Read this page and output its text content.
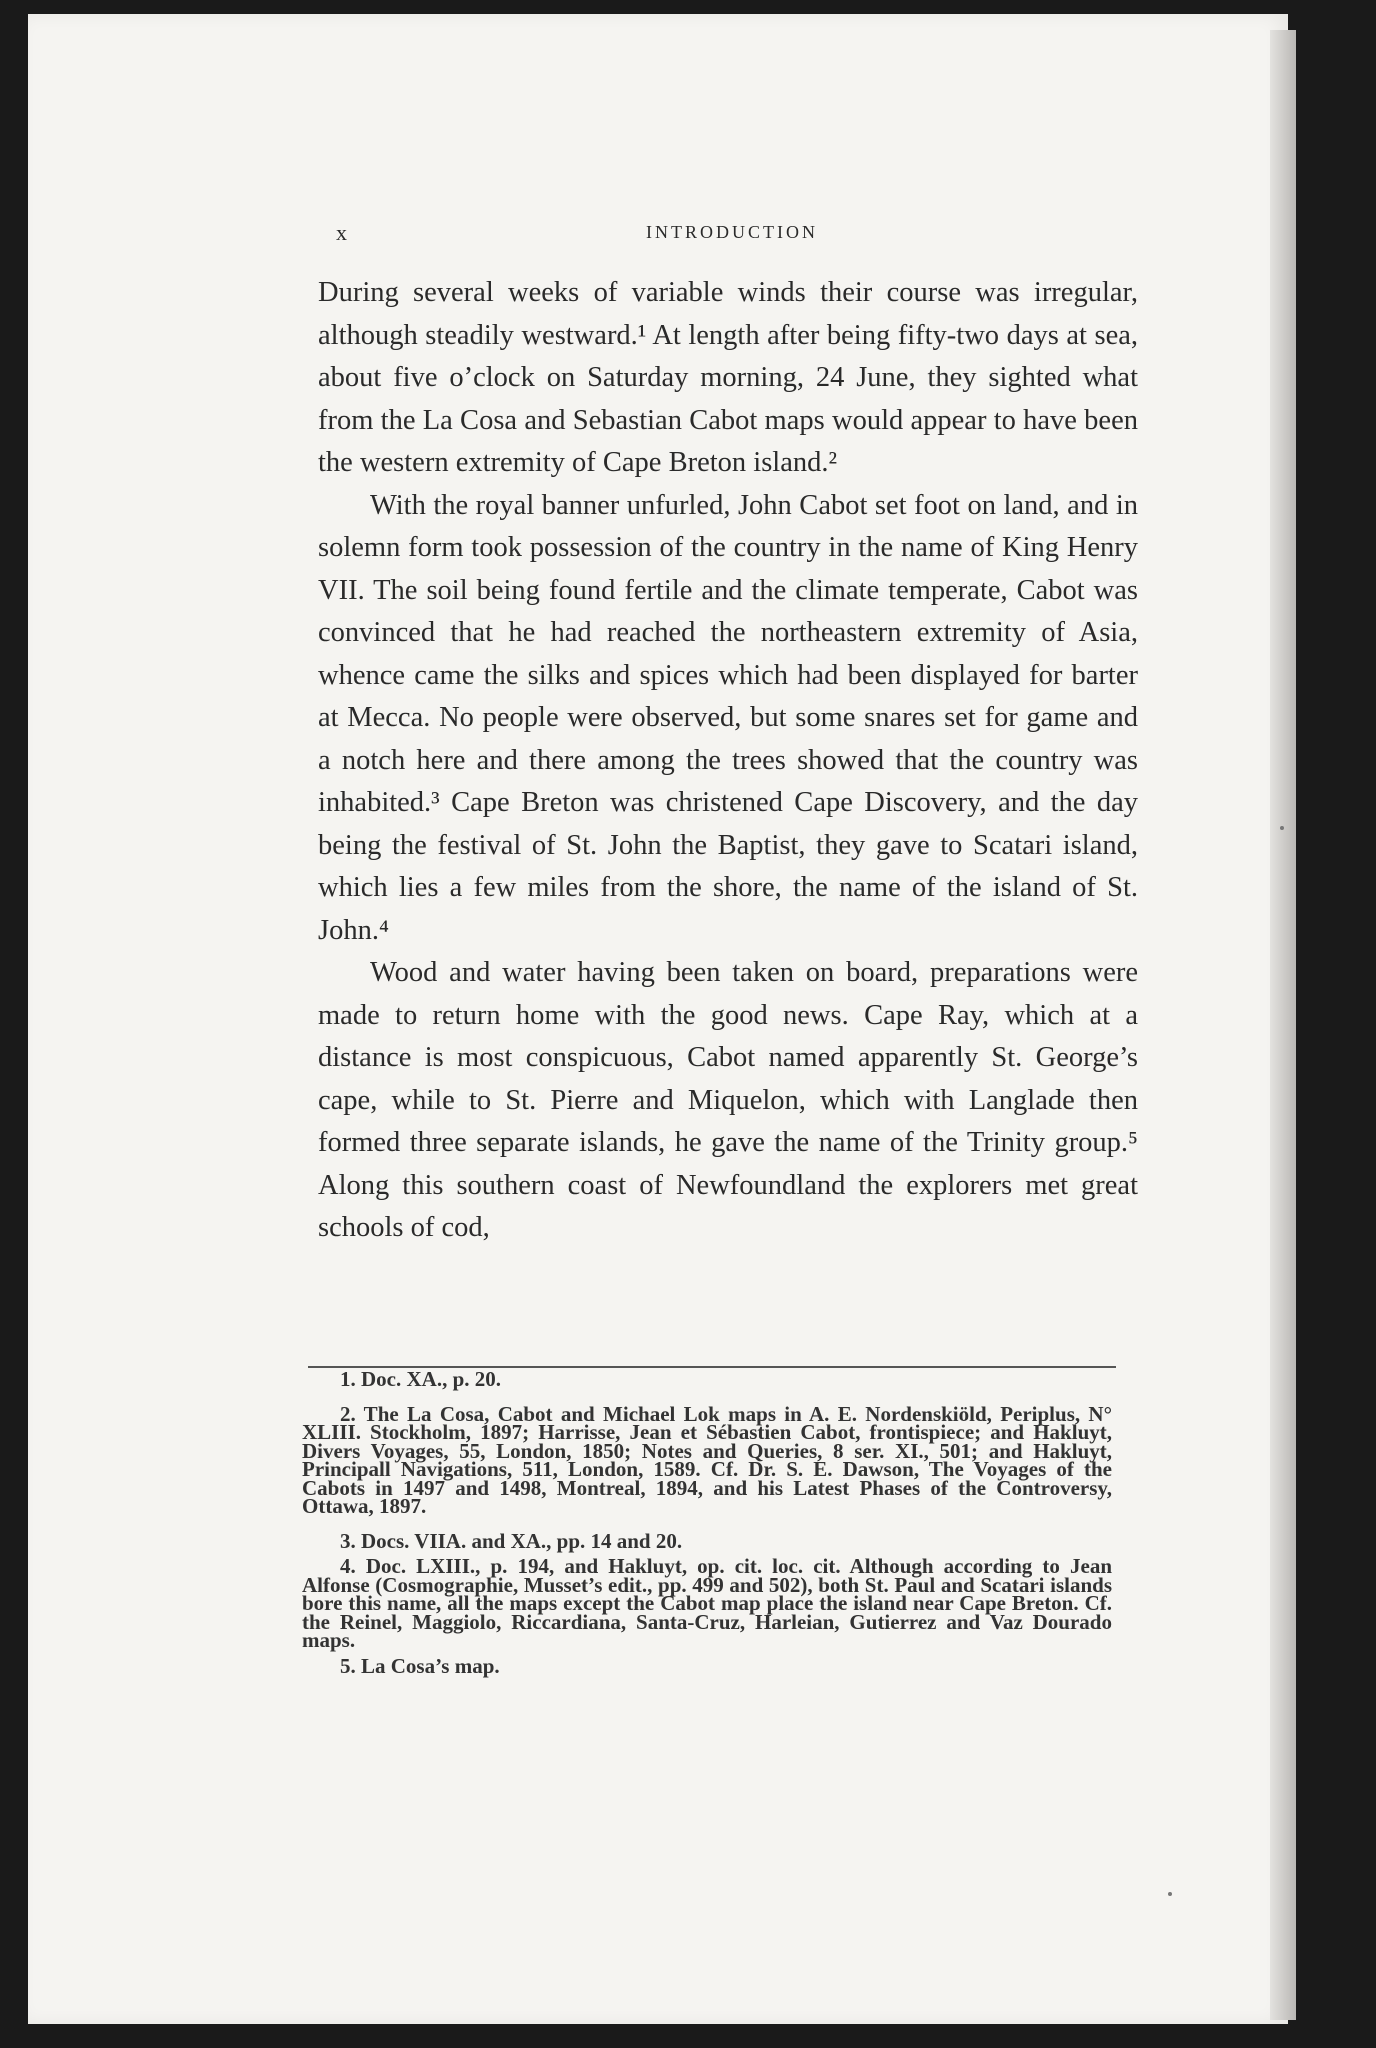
x	INTRODUCTION

During several weeks of variable winds their course was irregular, although steadily westward.¹ At length after being fifty-two days at sea, about five o’clock on Saturday morning, 24 June, they sighted what from the La Cosa and Sebastian Cabot maps would appear to have been the western extremity of Cape Breton island.²

With the royal banner unfurled, John Cabot set foot on land, and in solemn form took possession of the country in the name of King Henry VII. The soil being found fertile and the climate temperate, Cabot was convinced that he had reached the northeastern extremity of Asia, whence came the silks and spices which had been displayed for barter at Mecca. No people were observed, but some snares set for game and a notch here and there among the trees showed that the country was inhabited.³ Cape Breton was christened Cape Discovery, and the day being the festival of St. John the Baptist, they gave to Scatari island, which lies a few miles from the shore, the name of the island of St. John.⁴

Wood and water having been taken on board, preparations were made to return home with the good news. Cape Ray, which at a distance is most conspicuous, Cabot named apparently St. George’s cape, while to St. Pierre and Miquelon, which with Langlade then formed three separate islands, he gave the name of the Trinity group.⁵ Along this southern coast of Newfoundland the explorers met great schools of cod,

1. Doc. XA., p. 20.

2. The La Cosa, Cabot and Michael Lok maps in A. E. Nordenskiöld, Periplus, N° XLIII. Stockholm, 1897; Harrisse, Jean et Sébastien Cabot, frontispiece; and Hakluyt, Divers Voyages, 55, London, 1850; Notes and Queries, 8 ser. XI., 501; and Hakluyt, Principall Navigations, 511, London, 1589. Cf. Dr. S. E. Dawson, The Voyages of the Cabots in 1497 and 1498, Montreal, 1894, and his Latest Phases of the Controversy, Ottawa, 1897.

3. Docs. VIIA. and XA., pp. 14 and 20.

4. Doc. LXIII., p. 194, and Hakluyt, op. cit. loc. cit. Although according to Jean Alfonse (Cosmographie, Musset’s edit., pp. 499 and 502), both St. Paul and Scatari islands bore this name, all the maps except the Cabot map place the island near Cape Breton. Cf. the Reinel, Maggiolo, Riccardiana, Santa-Cruz, Harleian, Gutierrez and Vaz Dourado maps.

5. La Cosa’s map.
